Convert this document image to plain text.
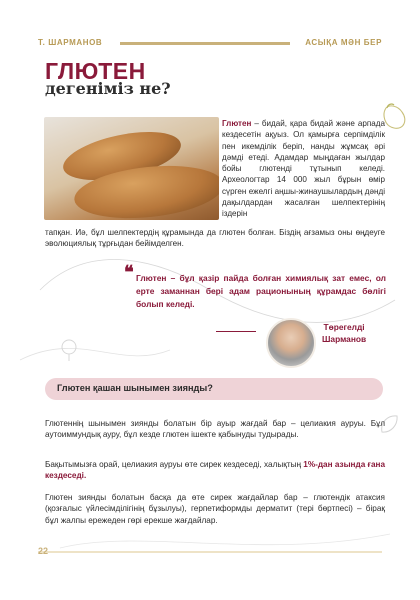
Т. ШАРМАНОВ	АСЫҚА МӘН БЕР
ГЛЮТЕН
дегеніміз не?
Глютен – бидай, қара бидай және арпада кездесетін ақуыз. Ол қамырға серпімділік пен икемділік беріп, нанды жұмсақ әрі дәмді етеді. Адамдар мыңдаған жылдар бойы глютенді тұтынып келеді. Археологтар 14 000 жыл бұрын өмір сүрген ежелгі аңшы-жинаушылардың дәнді дақылдардан жасалған шелпектерінің іздерін
тапқан. Иә, бұл шелпектердің құрамында да глютен болған. Біздің ағзамыз оны өңдеуге эволюциялық тұрғыдан бейімделген.
❝ Глютен – бұл қазір пайда болған химиялық зат емес, ол ерте заманнан бері адам рационының құрамдас бөлігі болып келеді.
Төрегелді
Шарманов
Глютен қашан шынымен зиянды?
Глютеннің шынымен зиянды болатын бір ауыр жағдай бар – целиакия ауруы. Бұл аутоиммундық ауру, бұл кезде глютен ішекте қабынуды тудырады.
Бақытымызға орай, целиакия ауруы өте сирек кездеседі, халықтың 1%-дан азында ғана кездеседі.
Глютен зиянды болатын басқа да өте сирек жағдайлар бар – глютендік атаксия (қозғалыс үйлесімділігінің бұзылуы), герпетиформды дерматит (тері бөртпесі) – бірақ бұл жалпы ережеден гөрі ерекше жағдайлар.
22
